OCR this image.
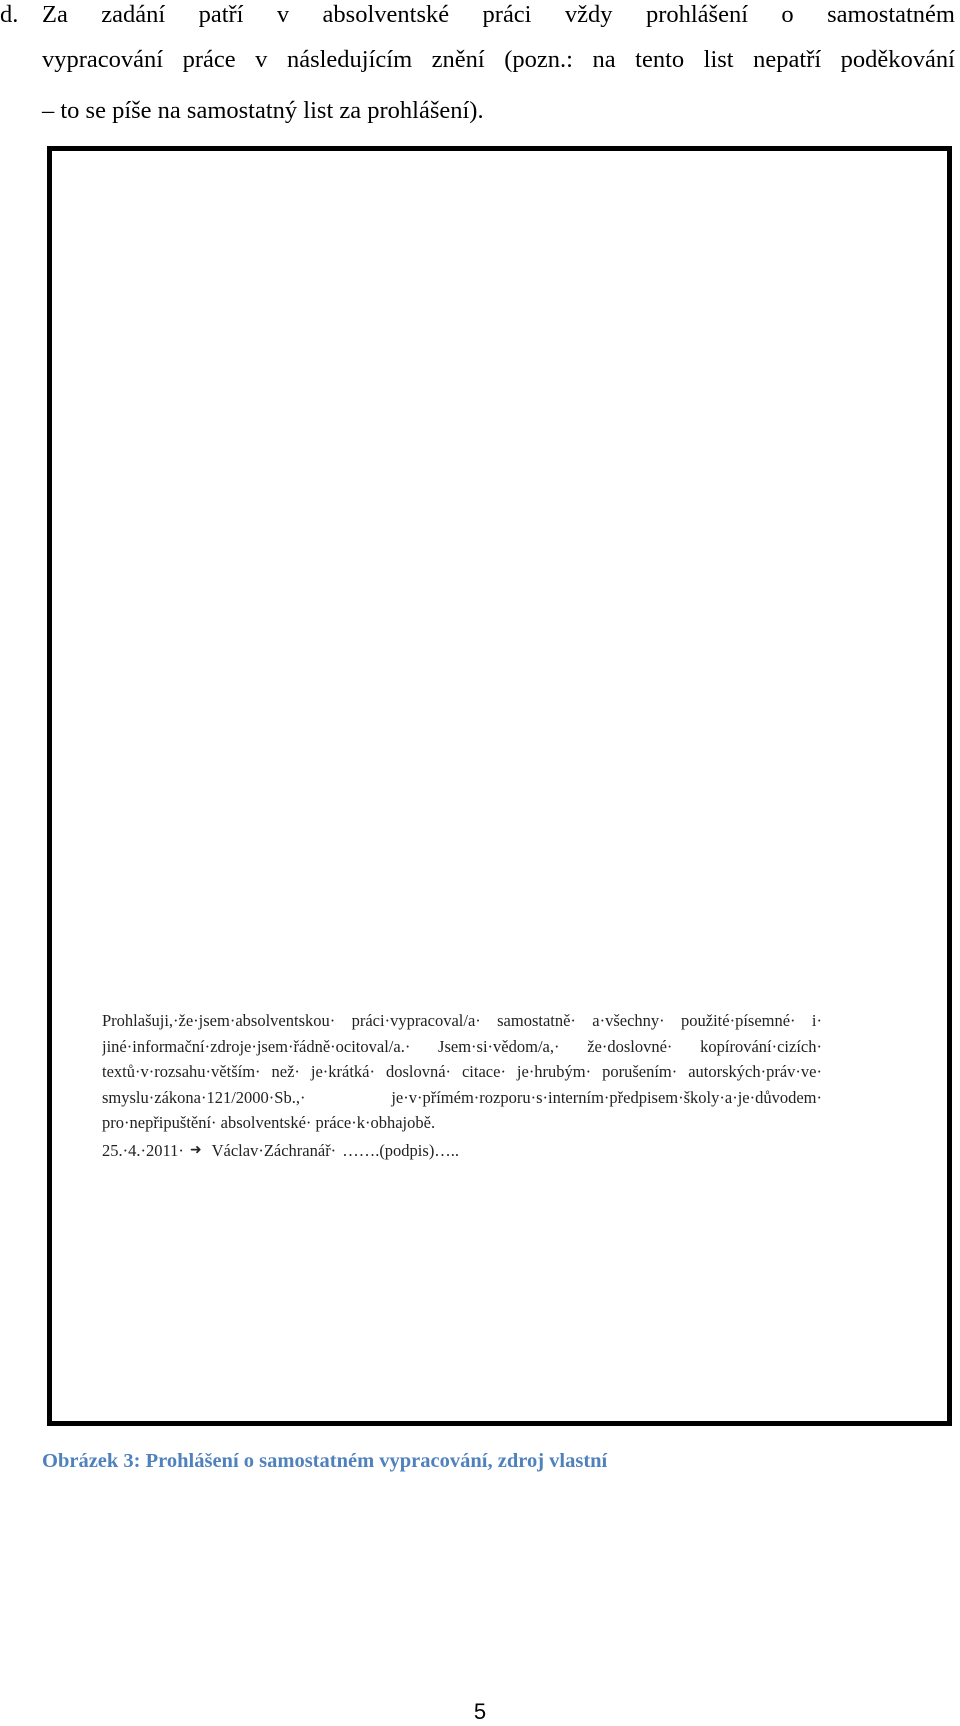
d. Za zadání patří v absolventské práci vždy prohlášení o samostatném
vypracování práce v následujícím znění (pozn.: na tento list nepatří poděkování
– to se píše na samostatný list za prohlášení).
Prohlašuji,·že·jsem·absolventskou· práci·vypracoval/a· samostatně· a·všechny· použité·písemné· i·
jiné·informační·zdroje·jsem·řádně·ocitoval/a.· Jsem·si·vědom/a,· že·doslovné· kopírování·cizích·
textů·v·rozsahu·větším· než· je·krátká· doslovná· citace· je·hrubým· porušením· autorských·práv·ve·
smyslu·zákona·121/2000·Sb.,· je·v·přímém·rozporu·s·interním·předpisem·školy·a·je·důvodem·
pro·nepřipuštění· absolventské· práce·k·obhajobě.
25.·4.·2011· ➜ Václav·Záchranář· …….(podpis)…..
Obrázek 3: Prohlášení o samostatném vypracování, zdroj vlastní
5
